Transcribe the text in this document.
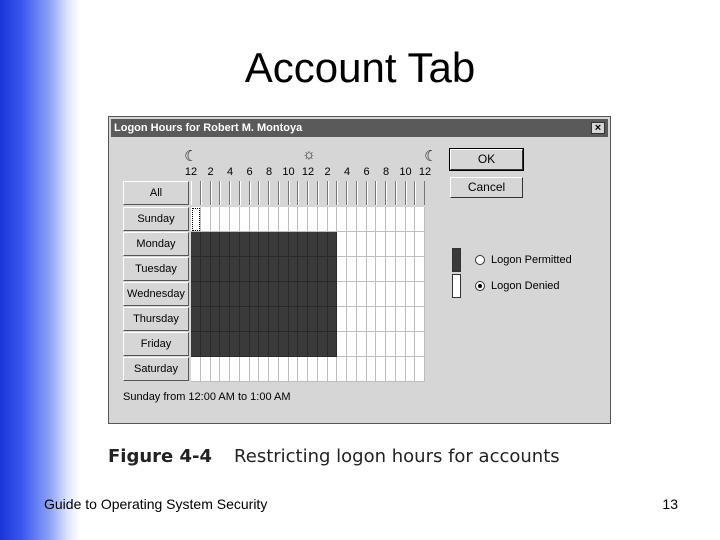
Account Tab
Logon Hours for Robert M. Montoya	×
☾	☼	☾
12 2 4 6 8 10 12 2 4 6 8 10 12
All
Sunday
Monday
Tuesday
Wednesday
Thursday
Friday
Saturday
Sunday from 12:00 AM to 1:00 AM
OK
Cancel
Logon Permitted
Logon Denied
Figure 4-4 Restricting logon hours for accounts
Guide to Operating System Security	13
